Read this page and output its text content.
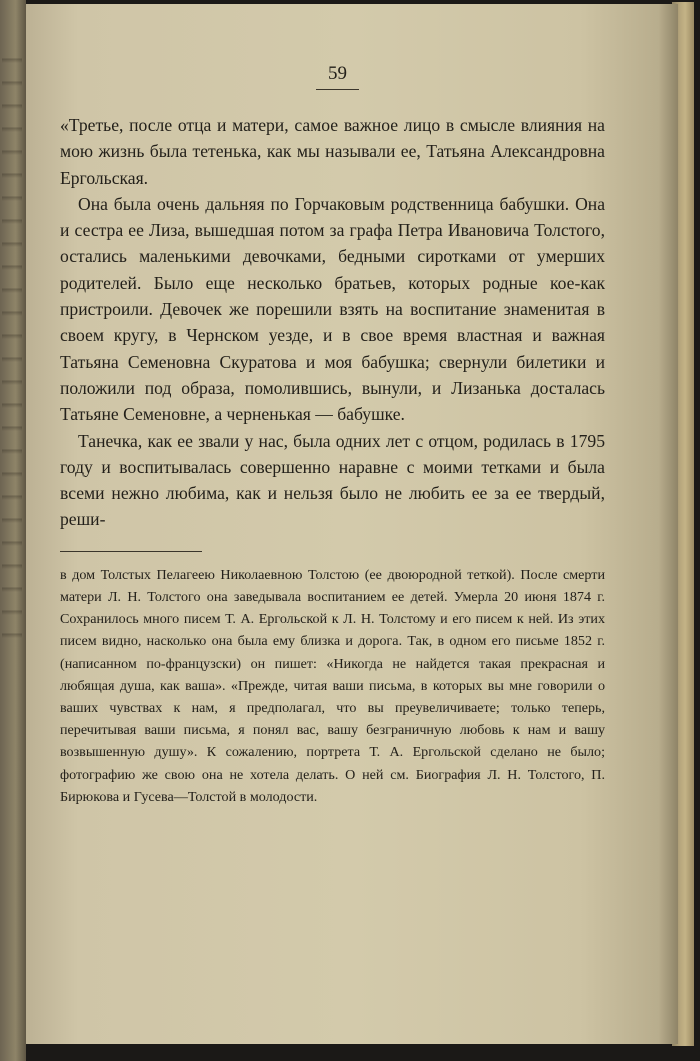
59

«Третье, после отца и матери, самое важное лицо в смысле влияния на мою жизнь была тетенька, как мы называли ее, Татьяна Александровна Ергольская.

Она была очень дальняя по Горчаковым родственница бабушки. Она и сестра ее Лиза, вышедшая потом за графа Петра Ивановича Толстого, остались маленькими девочками, бедными сиротками от умерших родителей. Было еще несколько братьев, которых родные кое-как пристроили. Девочек же порешили взять на воспитание знаменитая в своем кругу, в Чернском уезде, и в свое время властная и важная Татьяна Семеновна Скуратова и моя бабушка; свернули билетики и положили под образа, помолившись, вынули, и Лизанька досталась Татьяне Семеновне, а черненькая — бабушке.

Танечка, как ее звали у нас, была одних лет с отцом, родилась в 1795 году и воспитывалась совершенно наравне с моими тетками и была всеми нежно любима, как и нельзя было не любить ее за ее твердый, реши-

в дом Толстых Пелагеею Николаевною Толстою (ее двоюродной теткой). После смерти матери Л. Н. Толстого она заведывала воспитанием ее детей. Умерла 20 июня 1874 г. Сохранилось много писем Т. А. Ергольской к Л. Н. Толстому и его писем к ней. Из этих писем видно, насколько она была ему близка и дорога. Так, в одном его письме 1852 г. (написанном по-французски) он пишет: «Никогда не найдется такая прекрасная и любящая душа, как ваша». «Прежде, читая ваши письма, в которых вы мне говорили о ваших чувствах к нам, я предполагал, что вы преувеличиваете; только теперь, перечитывая ваши письма, я понял вас, вашу безграничную любовь к нам и вашу возвышенную душу». К сожалению, портрета Т. А. Ергольской сделано не было; фотографию же свою она не хотела делать. О ней см. Биография Л. Н. Толстого, П. Бирюкова и Гусева—Толстой в молодости.
